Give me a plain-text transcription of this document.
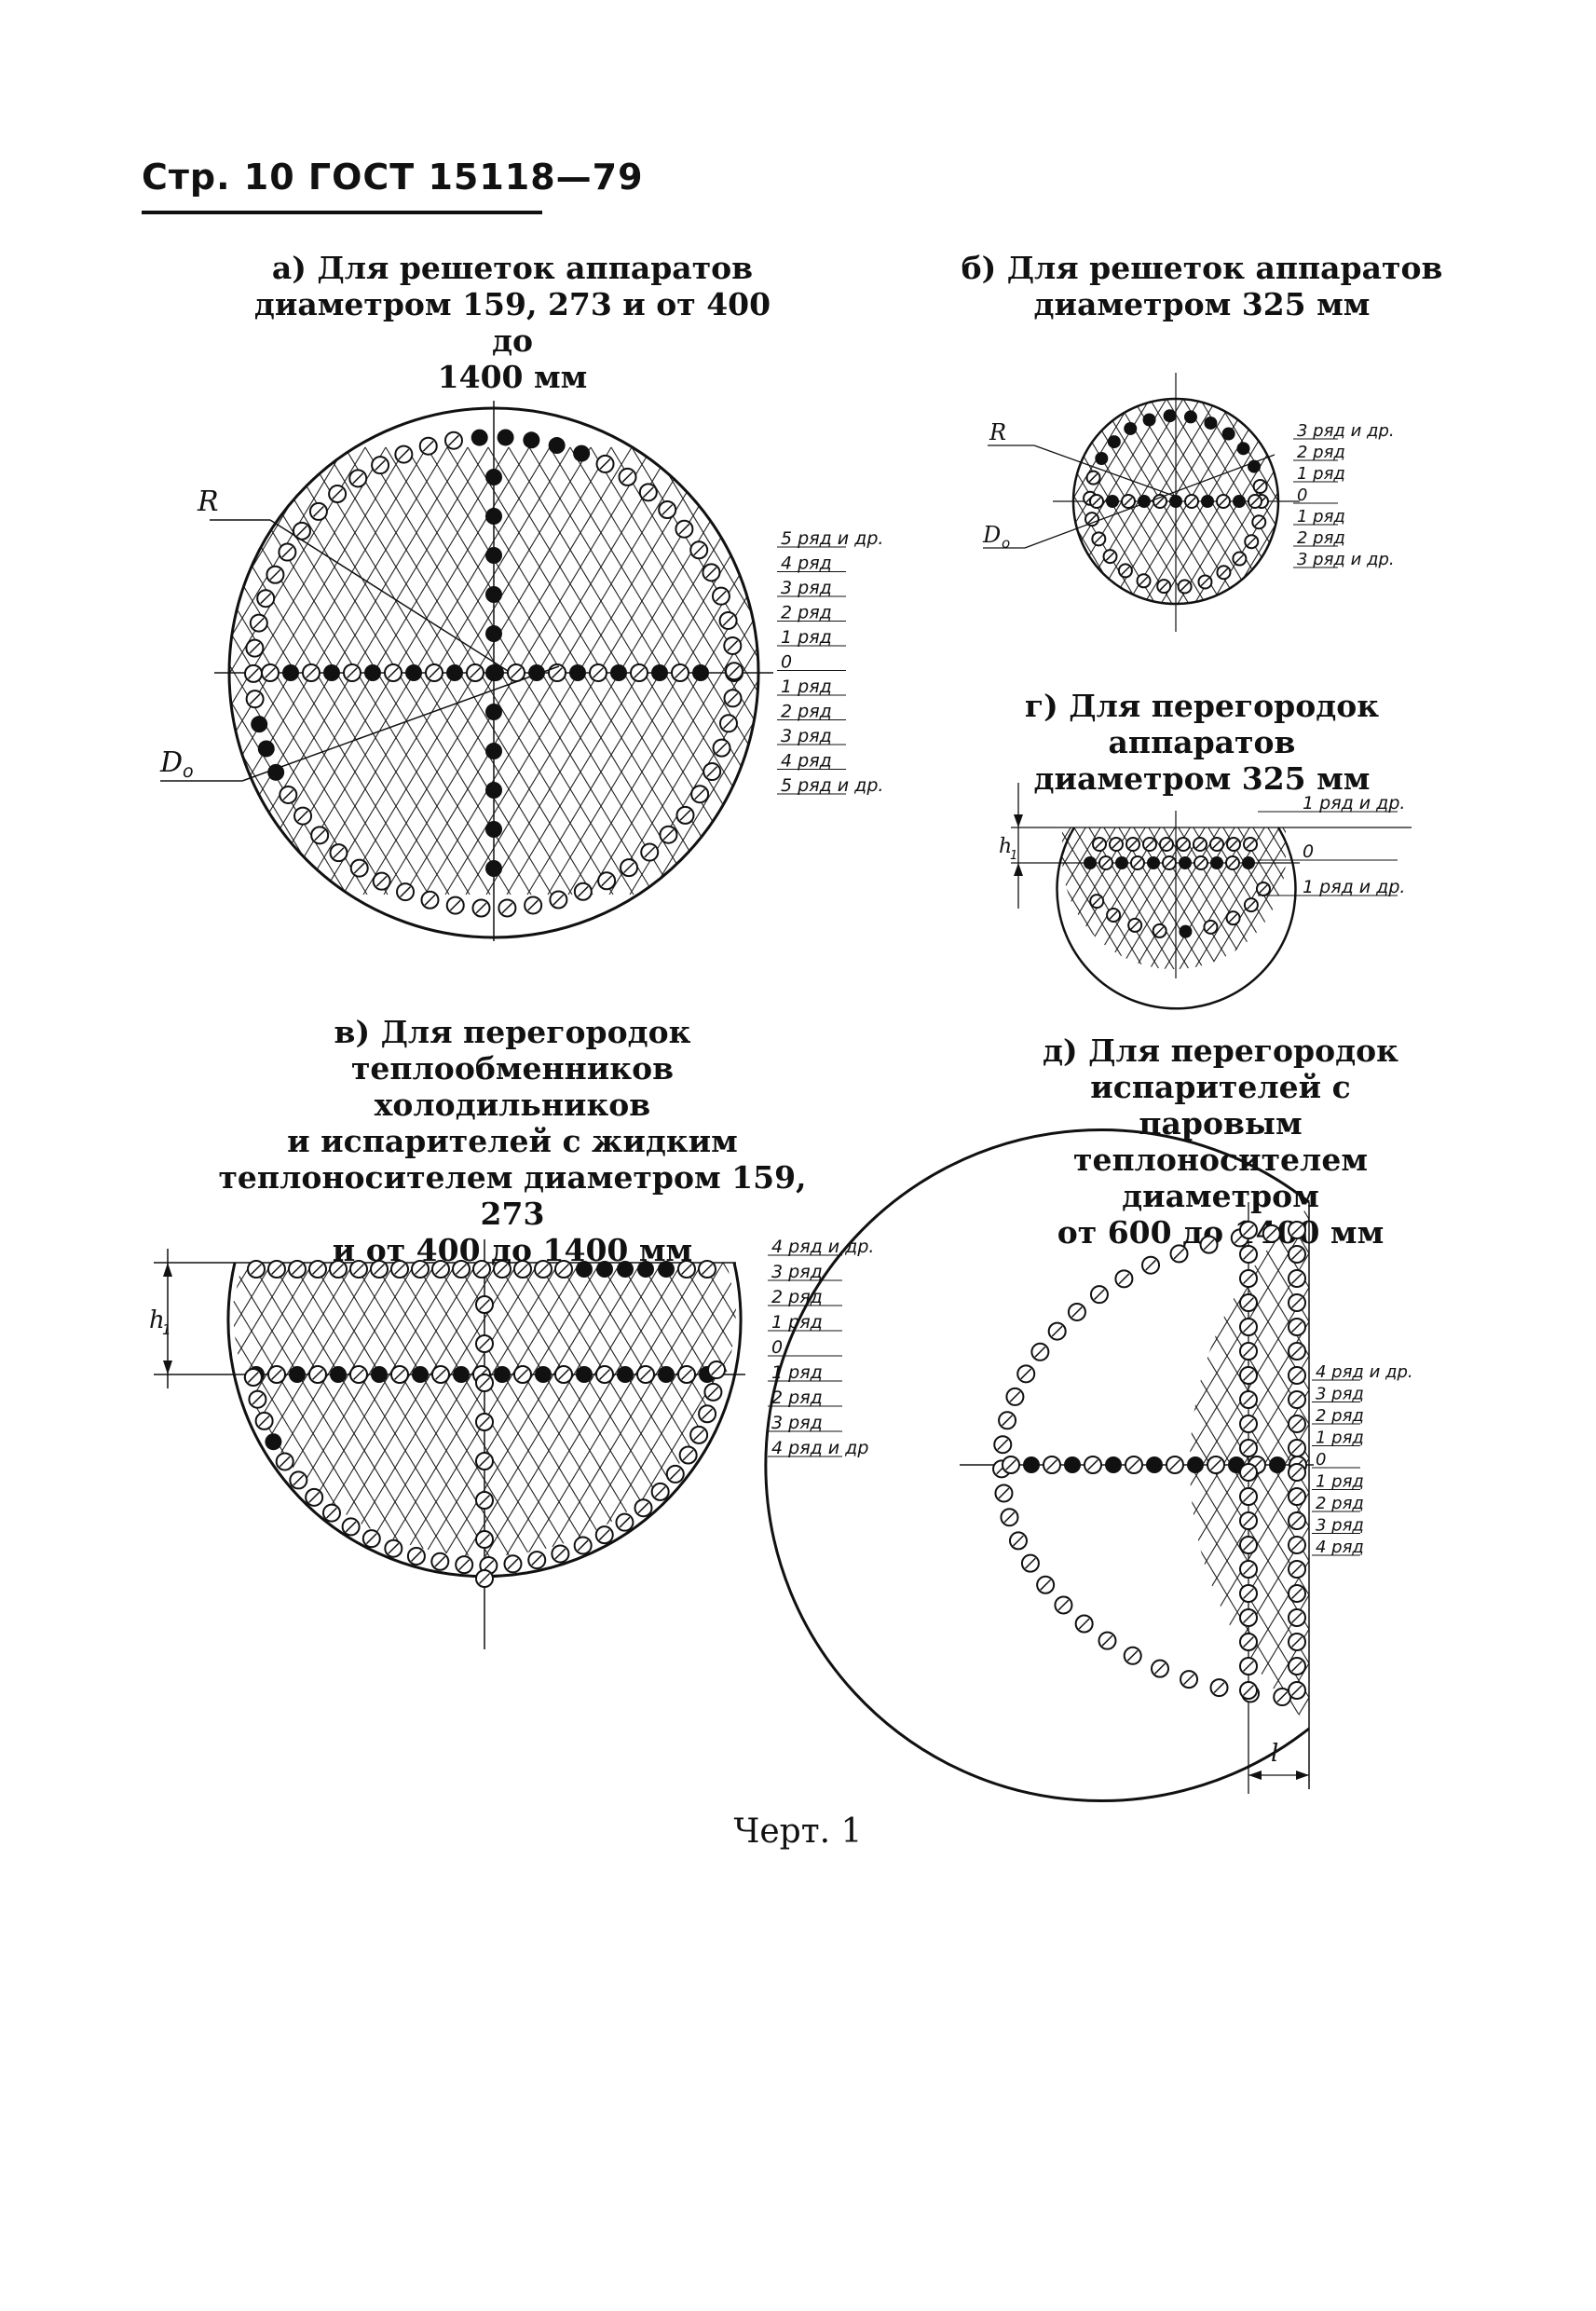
Стр. 10 ГОСТ 15118—79
а) Для решеток аппаратов
диаметром 159, 273 и от 400 до
1400 мм
б) Для решеток аппаратов
диаметром 325 мм
г) Для перегородок аппаратов
диаметром 325 мм
в) Для перегородок
теплообменников холодильников
и испарителей с жидким
теплоносителем диаметром 159, 273
и от 400 до 1400 мм
д) Для перегородок
испарителей с паровым
теплоносителем диаметром
от 600 до 1400 мм
R
D o
5 ряд и др.
4 ряд
3 ряд
2 ряд
1 ряд
0
1 ряд
2 ряд
3 ряд
4 ряд
5 ряд и др.
R
D o
3 ряд и др.
2 ряд
1 ряд
0
1 ряд
2 ряд
3 ряд и др.
h
1
1 ряд и др.
0
1 ряд и др.
h
1
4 ряд и др.
3 ряд
2 ряд
1 ряд
0
1 ряд
2 ряд
3 ряд
4 ряд и др
l
4 ряд и др.
3 ряд
2 ряд
1 ряд
0
1 ряд
2 ряд
3 ряд
4 ряд
Черт. 1
